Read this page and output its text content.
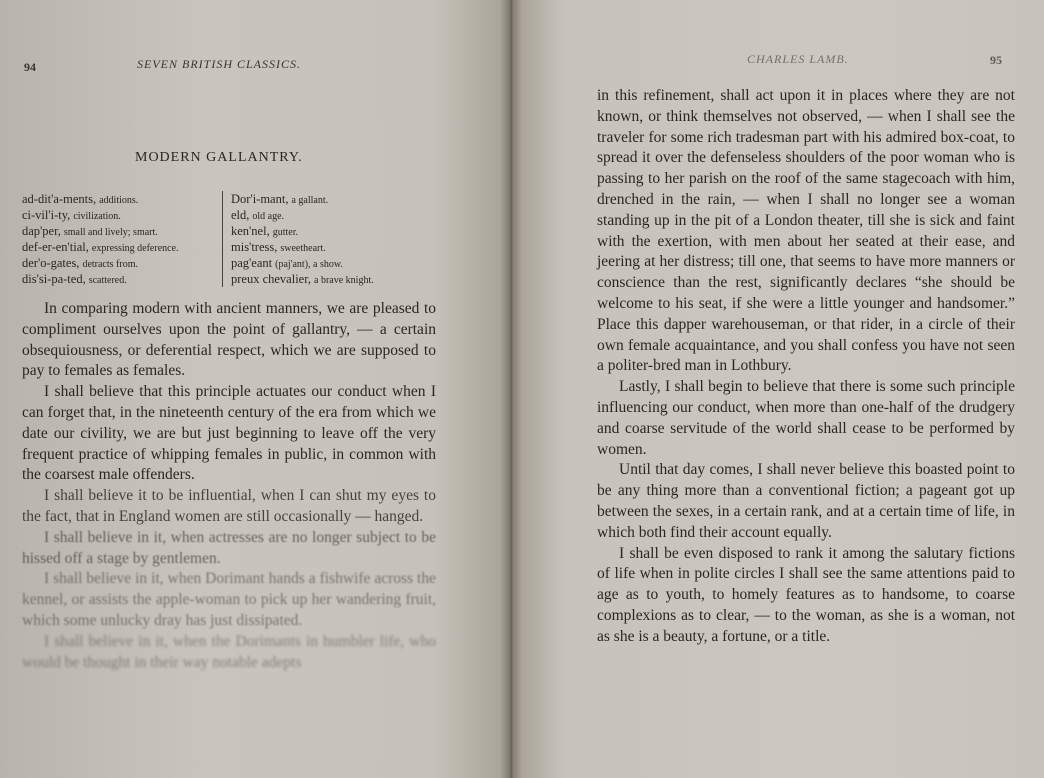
94	SEVEN BRITISH CLASSICS.
MODERN GALLANTRY.
ad-dit'a-ments, additions.
ci-vil'i-ty, civilization.
dap'per, small and lively; smart.
def-er-en'tial, expressing deference.
der'o-gates, detracts from.
dis'si-pa-ted, scattered.
Dor'i-mant, a gallant.
eld, old age.
ken'nel, gutter.
mis'tress, sweetheart.
pag'eant (paj'ant), a show.
preux chevalier, a brave knight.

In comparing modern with ancient manners, we are pleased to compliment ourselves upon the point of gallantry, — a certain obsequiousness, or deferential respect, which we are supposed to pay to females as females.

I shall believe that this principle actuates our conduct when I can forget that, in the nineteenth century of the era from which we date our civility, we are but just beginning to leave off the very frequent practice of whipping females in public, in common with the coarsest male offenders.

I shall believe it to be influential, when I can shut my eyes to the fact, that in England women are still occasionally — hanged.

I shall believe in it, when actresses are no longer subject to be hissed off a stage by gentlemen.

I shall believe in it, when Dorimant hands a fishwife across the kennel, or assists the apple-woman to pick up her wandering fruit, which some unlucky dray has just dissipated.

I shall believe in it, when the Dorimants in humbler life, who would be thought in their way notable adepts

CHARLES LAMB.	95

in this refinement, shall act upon it in places where they are not known, or think themselves not observed, — when I shall see the traveler for some rich tradesman part with his admired box-coat, to spread it over the defenseless shoulders of the poor woman who is passing to her parish on the roof of the same stagecoach with him, drenched in the rain, — when I shall no longer see a woman standing up in the pit of a London theater, till she is sick and faint with the exertion, with men about her seated at their ease, and jeering at her distress; till one, that seems to have more manners or conscience than the rest, significantly declares “she should be welcome to his seat, if she were a little younger and handsomer.” Place this dapper warehouseman, or that rider, in a circle of their own female acquaintance, and you shall confess you have not seen a politer-bred man in Lothbury.

Lastly, I shall begin to believe that there is some such principle influencing our conduct, when more than one-half of the drudgery and coarse servitude of the world shall cease to be performed by women.

Until that day comes, I shall never believe this boasted point to be any thing more than a conventional fiction; a pageant got up between the sexes, in a certain rank, and at a certain time of life, in which both find their account equally.

I shall be even disposed to rank it among the salutary fictions of life when in polite circles I shall see the same attentions paid to age as to youth, to homely features as to handsome, to coarse complexions as to clear, — to the woman, as she is a woman, not as she is a beauty, a fortune, or a title.
